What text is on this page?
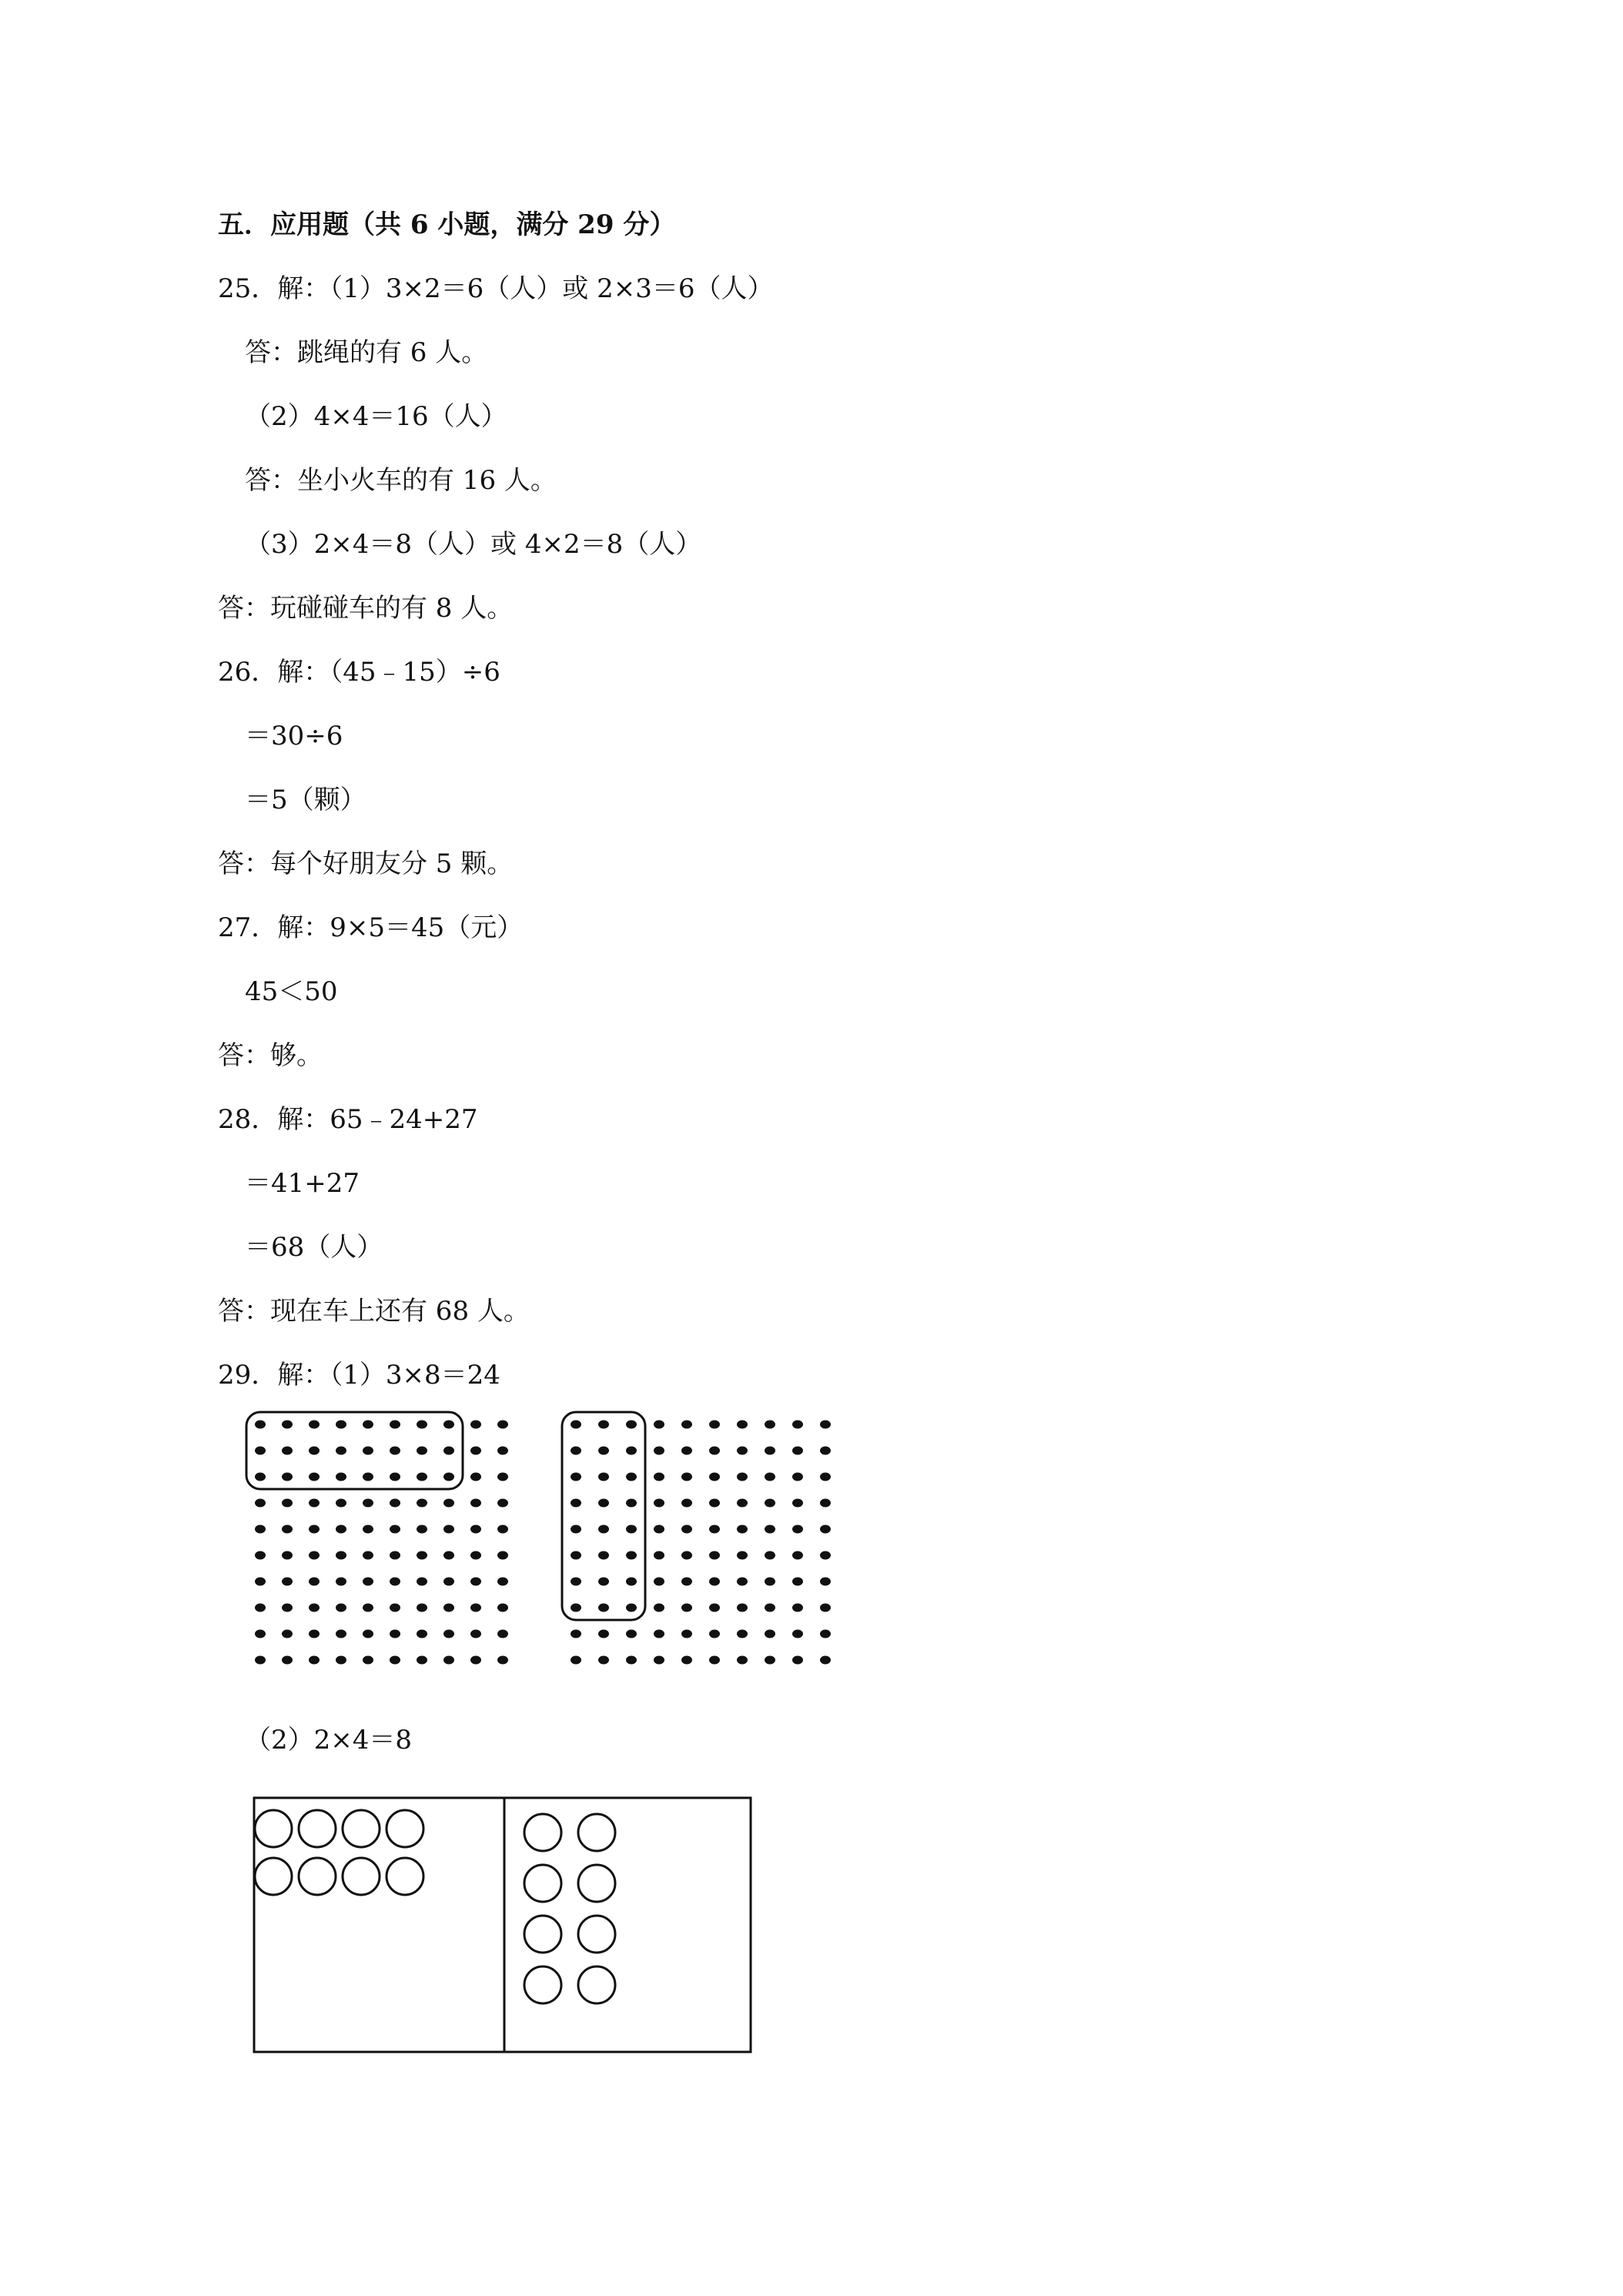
五．应用题（共 6 小题，满分 29 分）
25．解：（1）3×2＝6（人）或 2×3＝6（人）
答：跳绳的有 6 人。
（2）4×4＝16（人）
答：坐小火车的有 16 人。
（3）2×4＝8（人）或 4×2＝8（人）
答：玩碰碰车的有 8 人。
26．解：（45﹣15）÷6
＝30÷6
＝5（颗）
答：每个好朋友分 5 颗。
27．解：9×5＝45（元）
45＜50
答：够。
28．解：65﹣24+27
＝41+27
＝68（人）
答：现在车上还有 68 人。
29．解：（1）3×8＝24
（2）2×4＝8
